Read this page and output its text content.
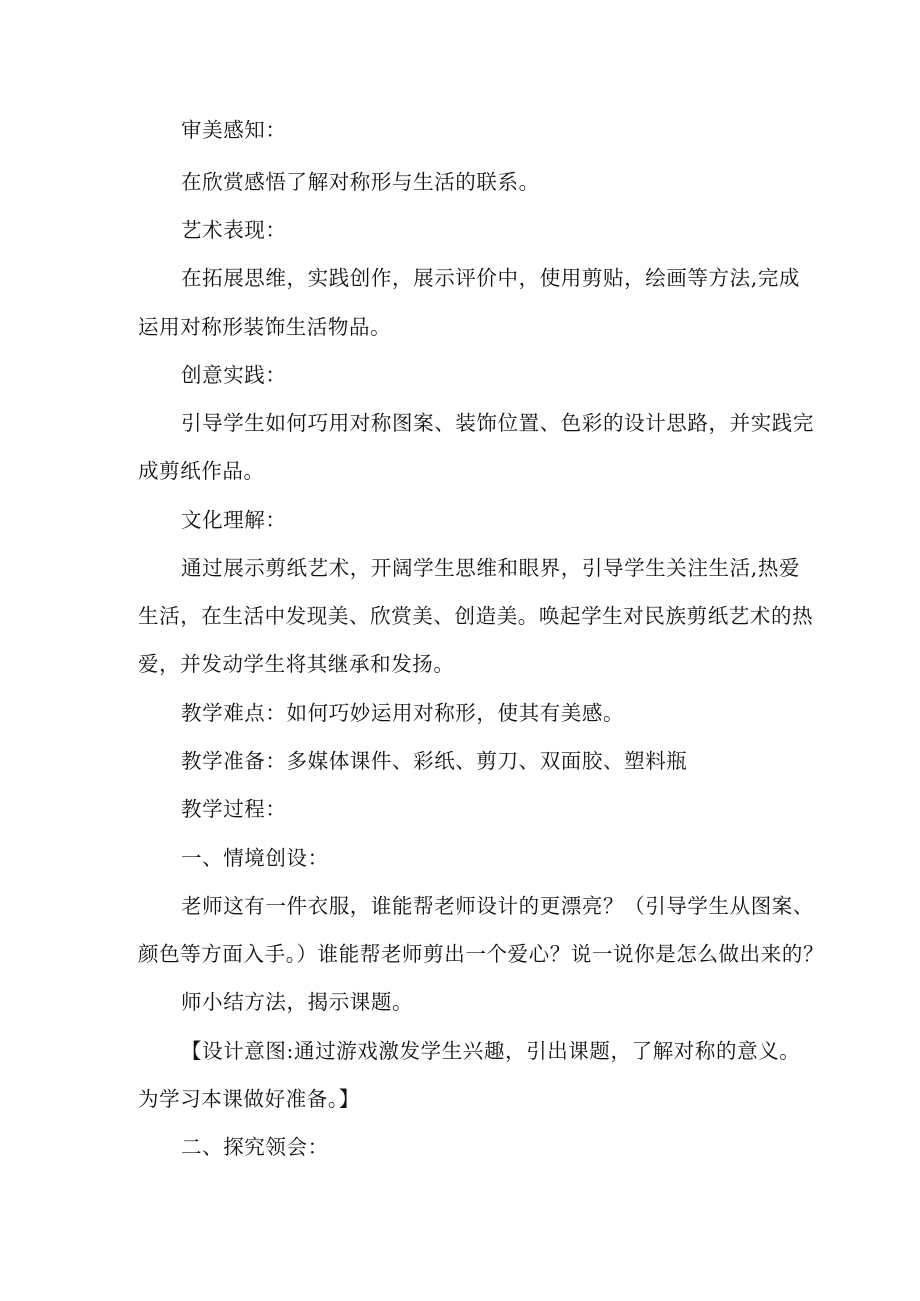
审美感知：
在欣赏感悟了解对称形与生活的联系。
艺术表现：
在拓展思维，实践创作，展示评价中，使用剪贴，绘画等方法,完成
运用对称形装饰生活物品。
创意实践：
引导学生如何巧用对称图案、装饰位置、色彩的设计思路，并实践完
成剪纸作品。
文化理解：
通过展示剪纸艺术，开阔学生思维和眼界，引导学生关注生活,热爱
生活，在生活中发现美、欣赏美、创造美。唤起学生对民族剪纸艺术的热
爱，并发动学生将其继承和发扬。
教学难点：如何巧妙运用对称形，使其有美感。
教学准备：多媒体课件、彩纸、剪刀、双面胶、塑料瓶
教学过程：
一、情境创设：
老师这有一件衣服，谁能帮老师设计的更漂亮？（引导学生从图案、
颜色等方面入手。）谁能帮老师剪出一个爱心？说一说你是怎么做出来的？
师小结方法，揭示课题。
【设计意图:通过游戏激发学生兴趣，引出课题，了解对称的意义。
为学习本课做好准备。】
二、探究领会：
